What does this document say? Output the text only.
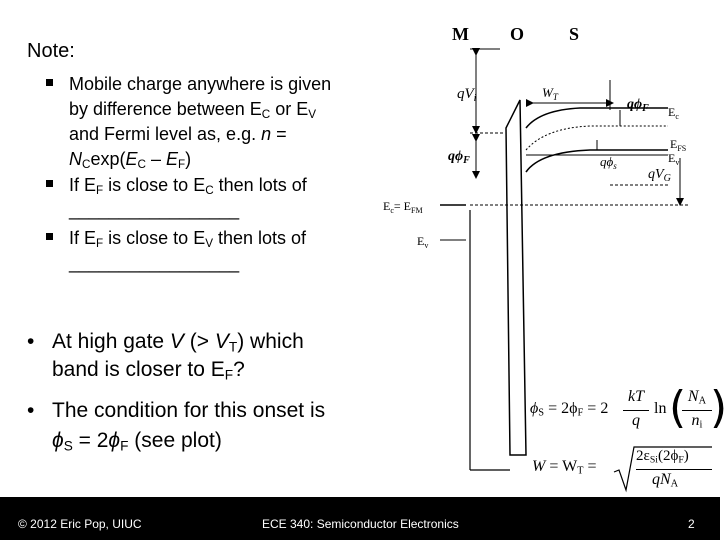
Note:
Mobile charge anywhere is given
by difference between $E_C$ or $E_V$
and Fermi level as, e.g. n =
$N_C\exp(E_C - E_F)$
If $E_F$ is close to $E_C$ then lots of
_________________
If $E_F$ is close to $E_V$ then lots of
_________________
• At high gate V (> $V_T$) which
band is closer to $E_F$?
• The condition for this onset is
$\phi_S = 2\phi_F$ (see plot)
M O S
$qV_i$
$q\phi_F$
$W_T$	$q\phi_F$ $E_c$
$E_{FS}$
$q\phi_s$
$E_v$
$qV_G$
$E_c= E_{FM}$
$E_v$
$\phi_S = 2\phi_F = 2$
kT
q
ln ( $N_A$
$n_i$ )
$W = W_T$ =
$2\varepsilon_{Si}(2\phi_F)$
$qN_A$
© 2012 Eric Pop, UIUC	ECE 340: Semiconductor Electronics	2
